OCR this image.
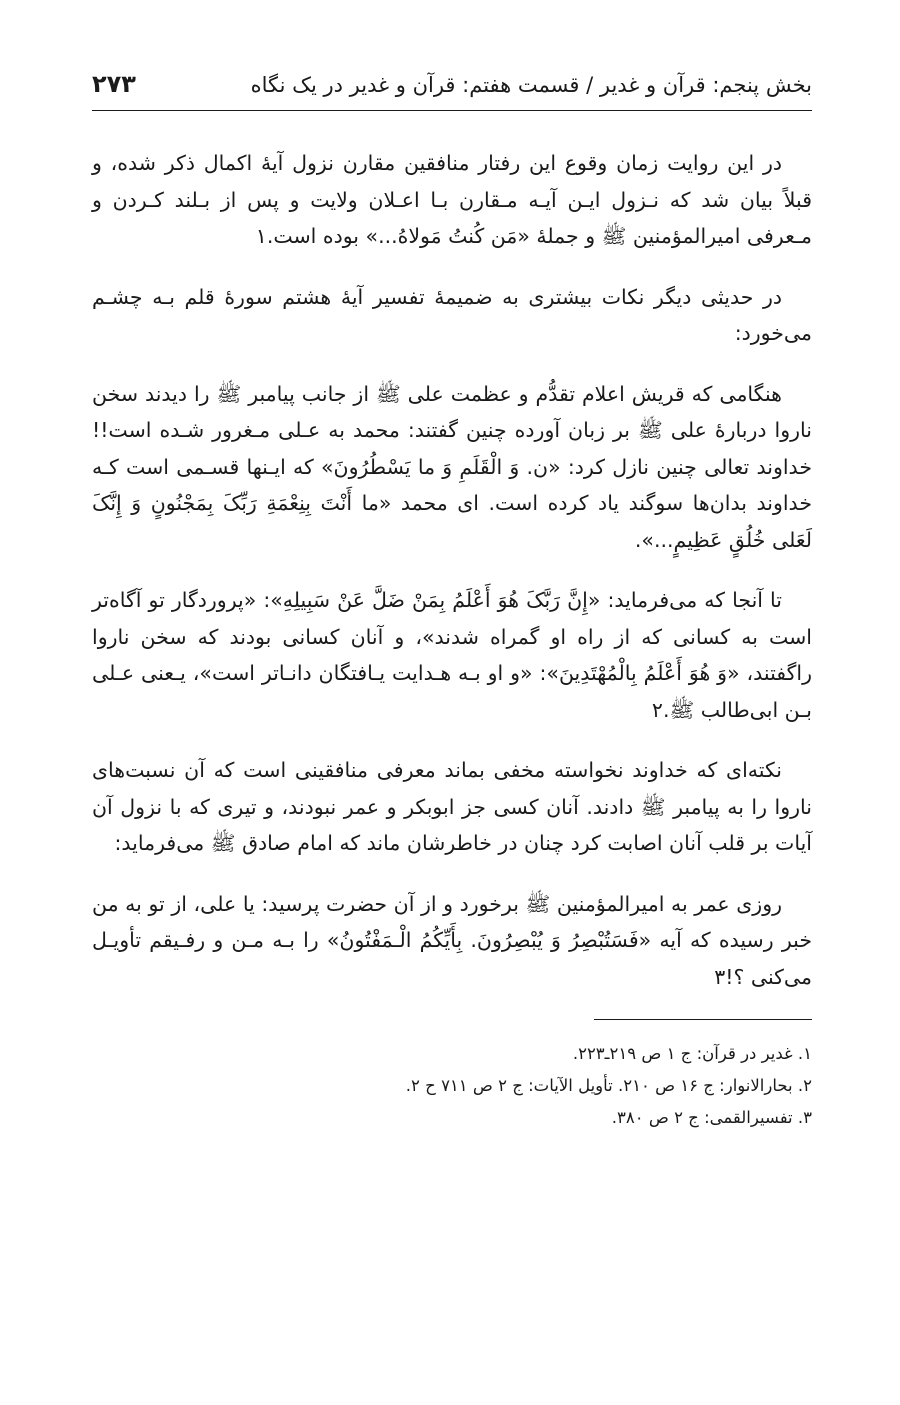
بخش پنجم: قرآن و غدیر / قسمت هفتم: قرآن و غدیر در یک نگاه
۲۷۳

در این روایت زمان وقوع این رفتار منافقین مقارن نزول آیۀ اکمال ذکر شده، و قبلاً بیان شد که نـزول ایـن آیـه مـقارن بـا اعـلان ولایت و پس از بـلند کـردن و مـعرفی امیرالمؤمنین ﷺ و جملۀ «مَن کُنتُ مَولاهُ...» بوده است.۱

در حدیثی دیگر نکات بیشتری به ضمیمۀ تفسیر آیۀ هشتم سورۀ قلم بـه چشـم می‌خورد:

هنگامی که قریش اعلام تقدُّم و عظمت علی ﷺ از جانب پیامبر ﷺ را دیدند سخن ناروا دربارۀ علی ﷺ بر زبان آورده چنین گفتند: محمد به عـلی مـغرور شـده است!! خداوند تعالی چنین نازل کرد: «ن. وَ الْقَلَمِ وَ ما یَسْطُرُونَ» که ایـنها قسـمی است کـه خداوند بدان‌ها سوگند یاد کرده است. ای محمد «ما أَنْتَ بِنِعْمَةِ رَبِّکَ بِمَجْنُونٍ وَ إِنَّکَ لَعَلی خُلُقٍ عَظِیمٍ...».

تا آنجا که می‌فرماید: «إِنَّ رَبَّکَ هُوَ أَعْلَمُ بِمَنْ ضَلَّ عَنْ سَبِیلِهِ»: «پروردگار تو آگاه‌تر است به کسانی که از راه او گمراه شدند»، و آنان کسانی بودند که سخن ناروا راگفتند، «وَ هُوَ أَعْلَمُ بِالْمُهْتَدِینَ»: «و او بـه هـدایت یـافتگان دانـاتر است»، یـعنی عـلی بـن ابی‌طالب ﷺ.۲

نکته‌ای که خداوند نخواسته مخفی بماند معرفی منافقینی است که آن نسبت‌های ناروا را به پیامبر ﷺ دادند. آنان کسی جز ابوبکر و عمر نبودند، و تیری که با نزول آن آیات بر قلب آنان اصابت کرد چنان در خاطرشان ماند که امام صادق ﷺ می‌فرماید:

روزی عمر به امیرالمؤمنین ﷺ برخورد و از آن حضرت پرسید: یا علی، از تو به من خبر رسیده که آیه «فَسَتُبْصِرُ وَ یُبْصِرُونَ. بِأَیِّکُمُ الْـمَفْتُونُ» را بـه مـن و رفـیقم تأویـل می‌کنی ؟!۳

۱. غدیر در قرآن: ج ۱ ص ۲۱۹ـ۲۲۳.
۲. بحارالانوار: ج ۱۶ ص ۲۱۰. تأویل الآیات: ج ۲ ص ۷۱۱ ح ۲.
۳. تفسیرالقمی: ج ۲ ص ۳۸۰.
